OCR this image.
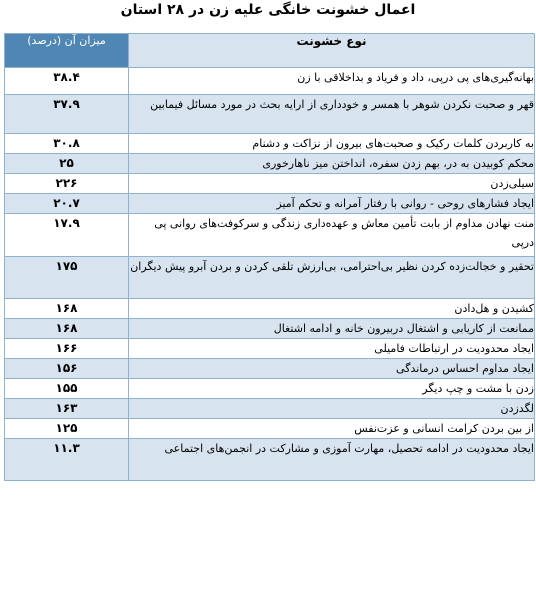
اعمال خشونت خانگی علیه زن در ۲۸ استان
نوع خشونت	میزان آن (درصد)
بهانه‌گیری‌های پی درپی، داد و فریاد و بداخلاقی با زن	۳۸.۴
قهر و صحبت نکردن شوهر با همسر و خودداری از ارایه بحث در مورد مسائل فیمابین	۳۷.۹
به کاربردن کلمات رکیک و صحبت‌های بیرون از نزاکت و دشنام	۳۰.۸
محکم کوبیدن به در، بهم زدن سفره، انداختن میز ناهارخوری	۲۵
سیلی‌زدن	۲۲۶
ایجاد فشارهای روحی - روانی با رفتار آمرانه و تحکم آمیز	۲۰.۷
منت نهادن مداوم از بابت تأمین معاش و عهده‌داری زندگی و سرکوفت‌های روانی پی درپی	۱۷.۹
تحقیر و خجالت‌زده کردن نظیر بی‌احترامی، بی‌ارزش تلقی کردن و بردن آبرو پیش دیگران	۱۷۵
کشیدن و هل‌دادن	۱۶۸
ممانعت از کاریابی و اشتغال دربیرون خانه و ادامه اشتغال	۱۶۸
ایجاد محدودیت در ارتباطات فامیلی	۱۶۶
ایجاد مداوم احساس درماندگی	۱۵۶
زدن با مشت و چپ دیگر	۱۵۵
لگدزدن	۱۶۳
از بین بردن کرامت انسانی و عزت‌نفس	۱۲۵
ایجاد محدودیت در ادامه تحصیل، مهارت آموزی و مشارکت در انجمن‌های اجتماعی	۱۱.۳
